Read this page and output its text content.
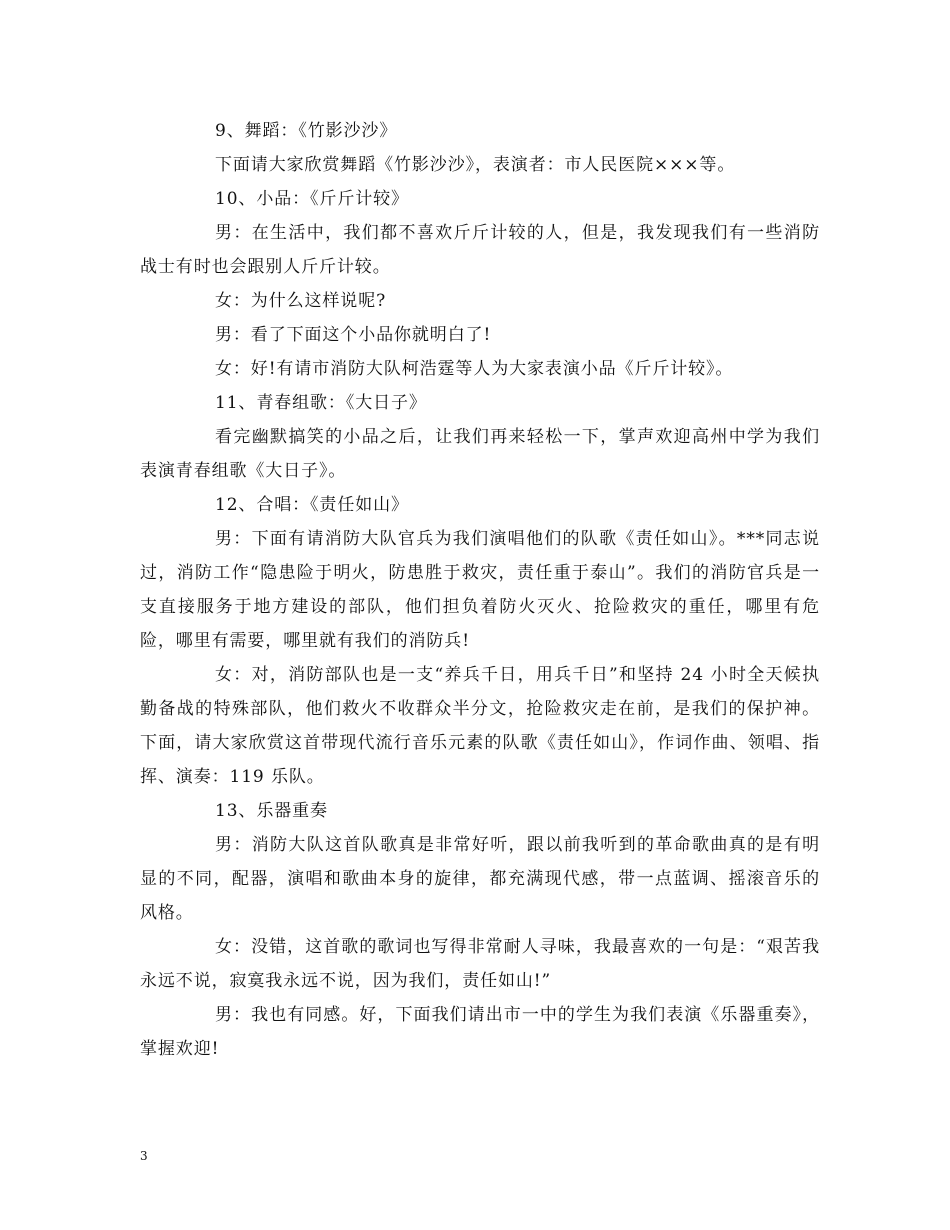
9、舞蹈：《竹影沙沙》

下面请大家欣赏舞蹈《竹影沙沙》，表演者：市人民医院×××等。

10、小品：《斤斤计较》

男：在生活中，我们都不喜欢斤斤计较的人，但是，我发现我们有一些消防战士有时也会跟别人斤斤计较。

女：为什么这样说呢?

男：看了下面这个小品你就明白了!

女：好!有请市消防大队柯浩霆等人为大家表演小品《斤斤计较》。

11、青春组歌：《大日子》

看完幽默搞笑的小品之后，让我们再来轻松一下，掌声欢迎高州中学为我们表演青春组歌《大日子》。

12、合唱：《责任如山》

男：下面有请消防大队官兵为我们演唱他们的队歌《责任如山》。***同志说过，消防工作“隐患险于明火，防患胜于救灾，责任重于泰山”。我们的消防官兵是一支直接服务于地方建设的部队，他们担负着防火灭火、抢险救灾的重任，哪里有危险，哪里有需要，哪里就有我们的消防兵!

女：对，消防部队也是一支“养兵千日，用兵千日”和坚持 24 小时全天候执勤备战的特殊部队，他们救火不收群众半分文，抢险救灾走在前，是我们的保护神。下面，请大家欣赏这首带现代流行音乐元素的队歌《责任如山》，作词作曲、领唱、指挥、演奏：119 乐队。

13、乐器重奏

男：消防大队这首队歌真是非常好听，跟以前我听到的革命歌曲真的是有明显的不同，配器，演唱和歌曲本身的旋律，都充满现代感，带一点蓝调、摇滚音乐的风格。

女：没错，这首歌的歌词也写得非常耐人寻味，我最喜欢的一句是：“艰苦我永远不说，寂寞我永远不说，因为我们，责任如山!”

男：我也有同感。好，下面我们请出市一中的学生为我们表演《乐器重奏》，掌握欢迎!

3
